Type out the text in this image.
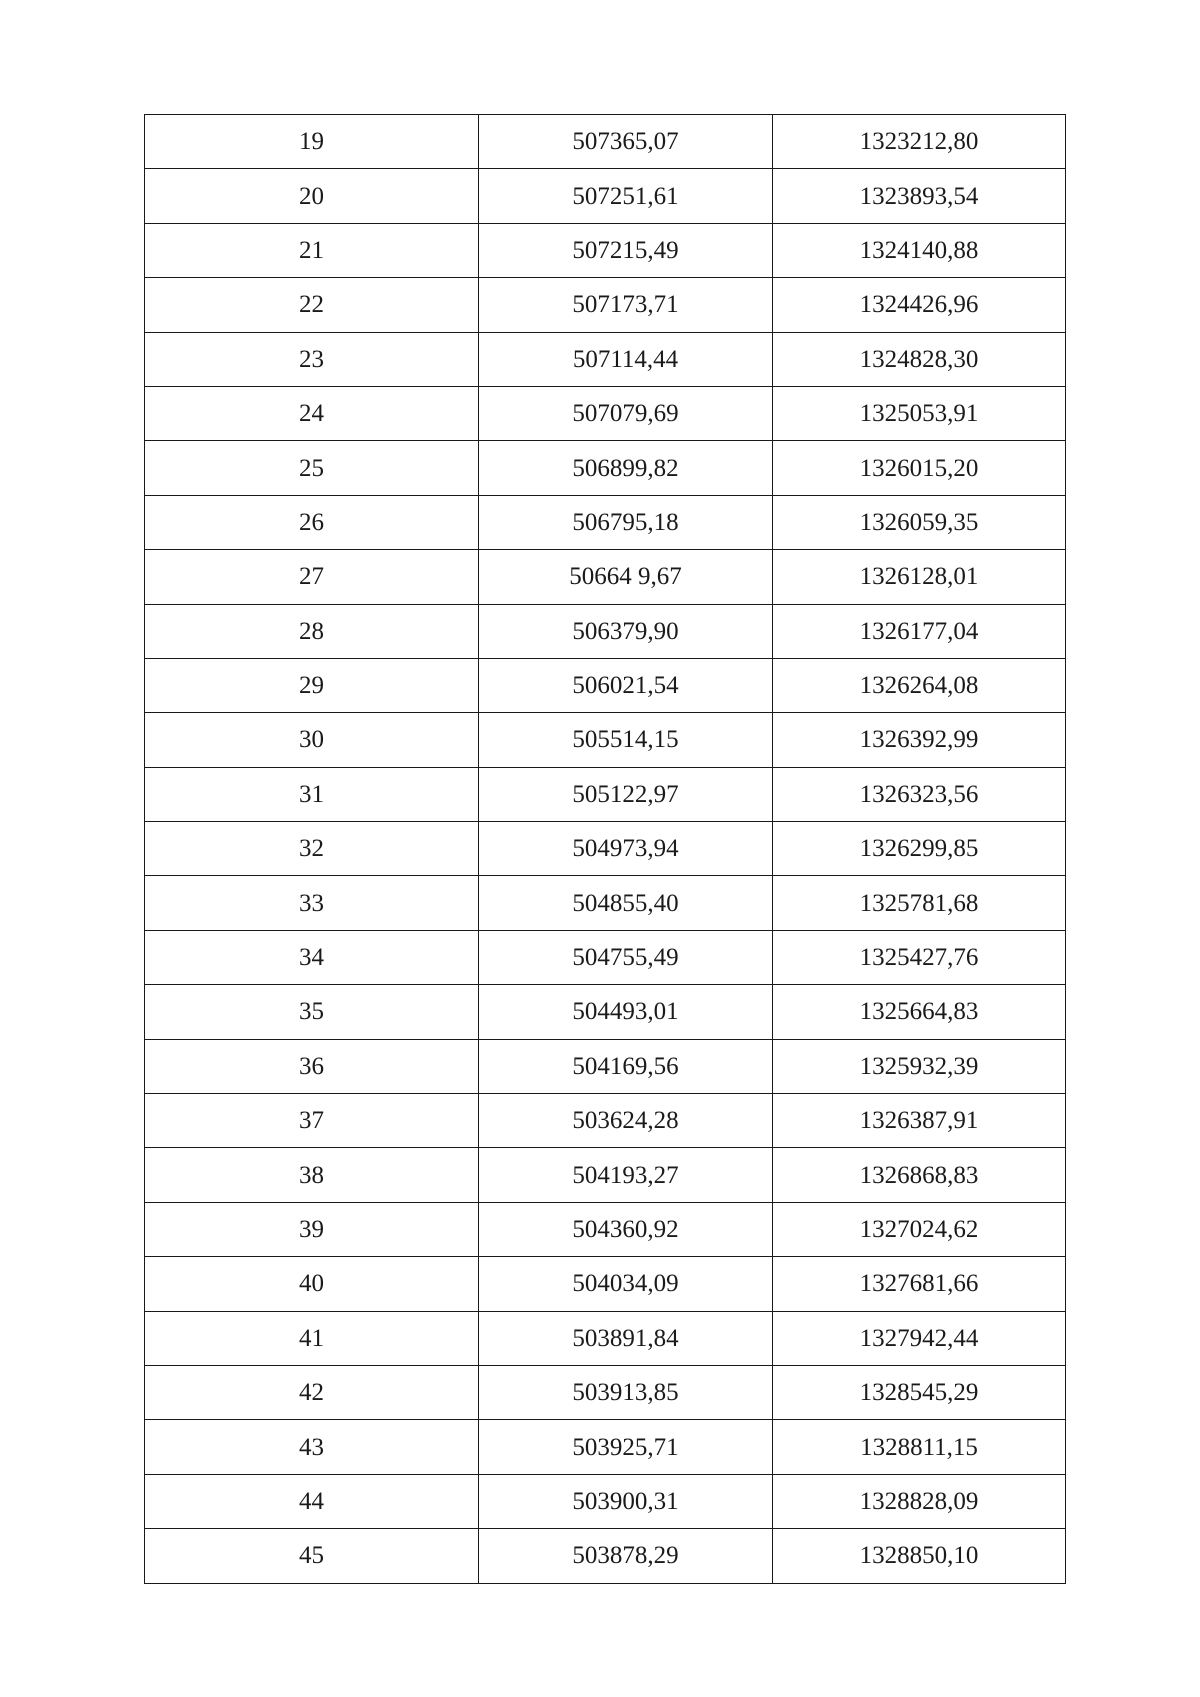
19	507365,07	1323212,80
20	507251,61	1323893,54
21	507215,49	1324140,88
22	507173,71	1324426,96
23	507114,44	1324828,30
24	507079,69	1325053,91
25	506899,82	1326015,20
26	506795,18	1326059,35
27	50664 9,67	1326128,01
28	506379,90	1326177,04
29	506021,54	1326264,08
30	505514,15	1326392,99
31	505122,97	1326323,56
32	504973,94	1326299,85
33	504855,40	1325781,68
34	504755,49	1325427,76
35	504493,01	1325664,83
36	504169,56	1325932,39
37	503624,28	1326387,91
38	504193,27	1326868,83
39	504360,92	1327024,62
40	504034,09	1327681,66
41	503891,84	1327942,44
42	503913,85	1328545,29
43	503925,71	1328811,15
44	503900,31	1328828,09
45	503878,29	1328850,10
